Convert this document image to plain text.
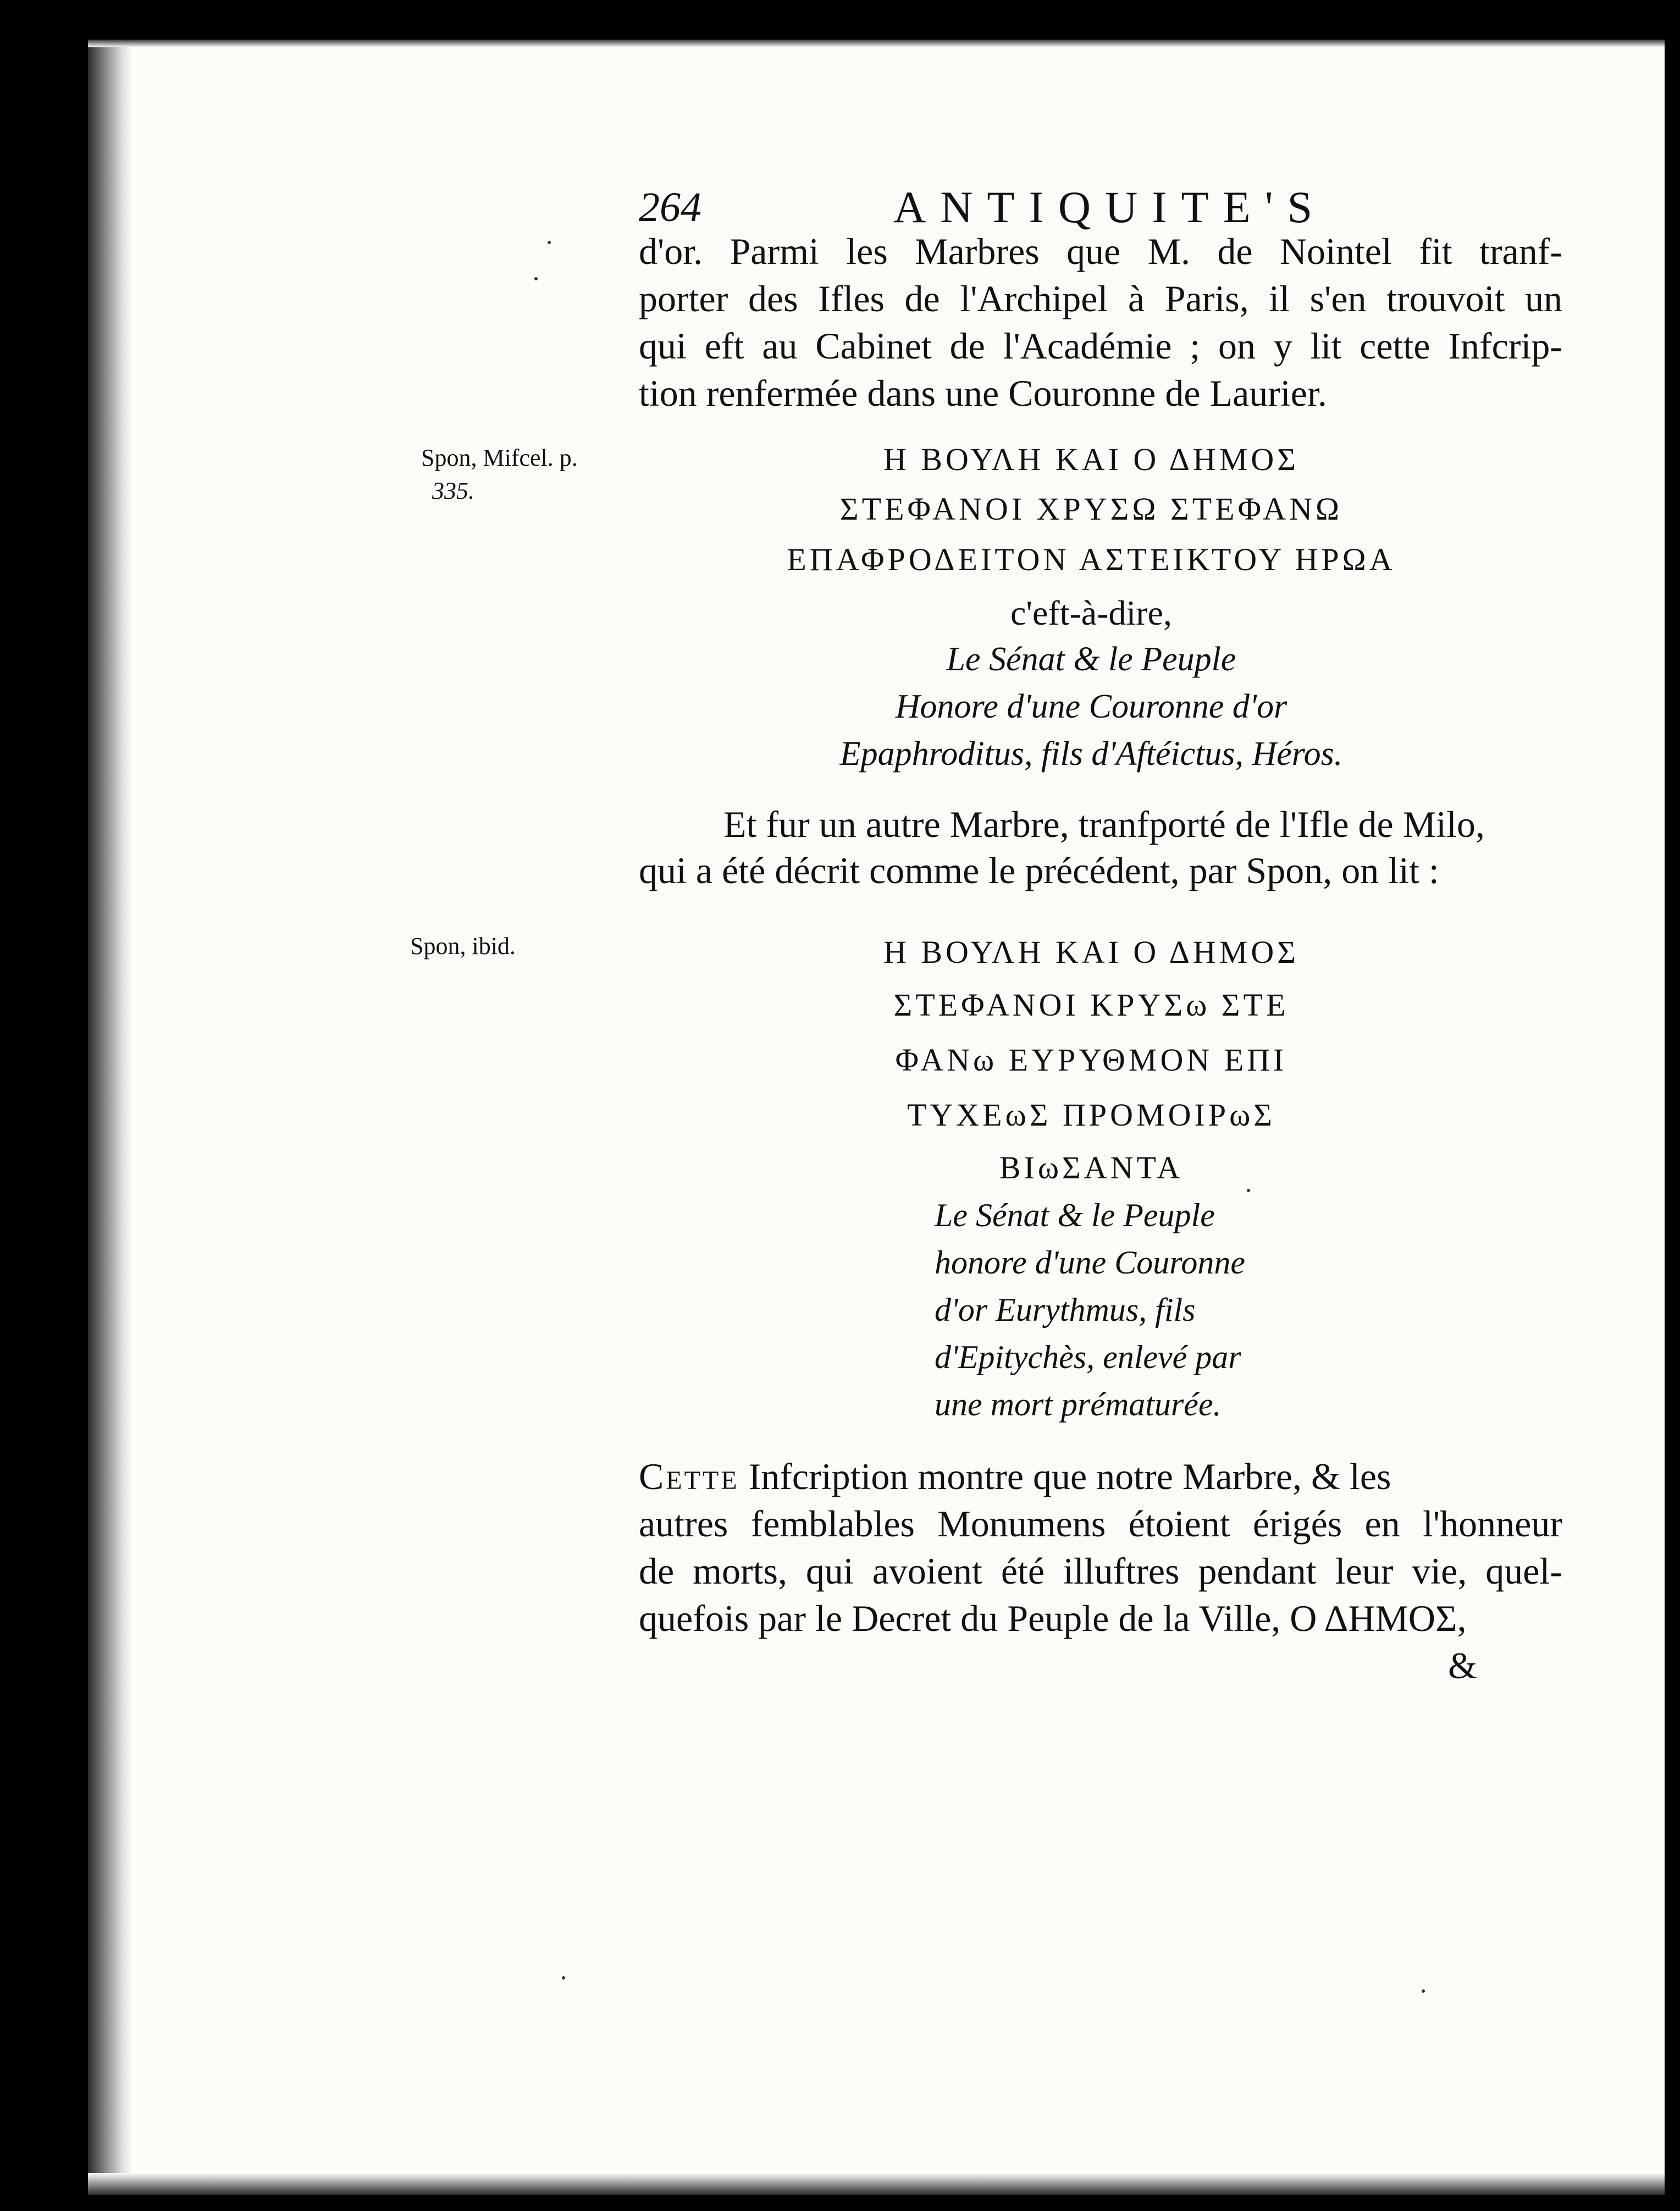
264	ANTIQUITE'S
d'or. Parmi les Marbres que M. de Nointel fit tranf-
porter des Ifles de l'Archipel à Paris, il s'en trouvoit un
qui eft au Cabinet de l'Académie ; on y lit cette Infcrip-
tion renfermée dans une Couronne de Laurier.
Spon, Mifcel. p.
335.
Spon, ibid.
Η ΒΟΥΛΗ ΚΑΙ Ο ΔΗΜΟΣ
ΣΤΕΦΑΝΟΙ ΧΡΥΣΩ ΣΤΕΦΑΝΩ
ΕΠΑΦΡΟΔΕΙΤΟΝ ΑΣΤΕΙΚΤΟΥ ΗΡΩΑ
c'eft-à-dire,
Le Sénat & le Peuple
Honore d'une Couronne d'or
Epaphroditus, fils d'Aftéictus, Héros.
Et fur un autre Marbre, tranfporté de l'Ifle de Milo,
qui a été décrit comme le précédent, par Spon, on lit :
Η ΒΟΥΛΗ ΚΑΙ Ο ΔΗΜΟΣ
ΣΤΕΦΑΝΟΙ ΚΡΥΣω ΣΤΕ
ΦΑΝω ΕΥΡΥΘΜΟΝ ΕΠΙ
ΤΥΧΕωΣ ΠΡΟΜΟΙΡωΣ
ΒΙωΣΑΝΤΑ
Le Sénat & le Peuple
honore d'une Couronne
d'or Eurythmus, fils
d'Epitychès, enlevé par
une mort prématurée.
Cette Infcription montre que notre Marbre, & les
autres femblables Monumens étoient érigés en l'honneur
de morts, qui avoient été illuftres pendant leur vie, quel-
quefois par le Decret du Peuple de la Ville, Ο ΔΗΜΟΣ,
&
